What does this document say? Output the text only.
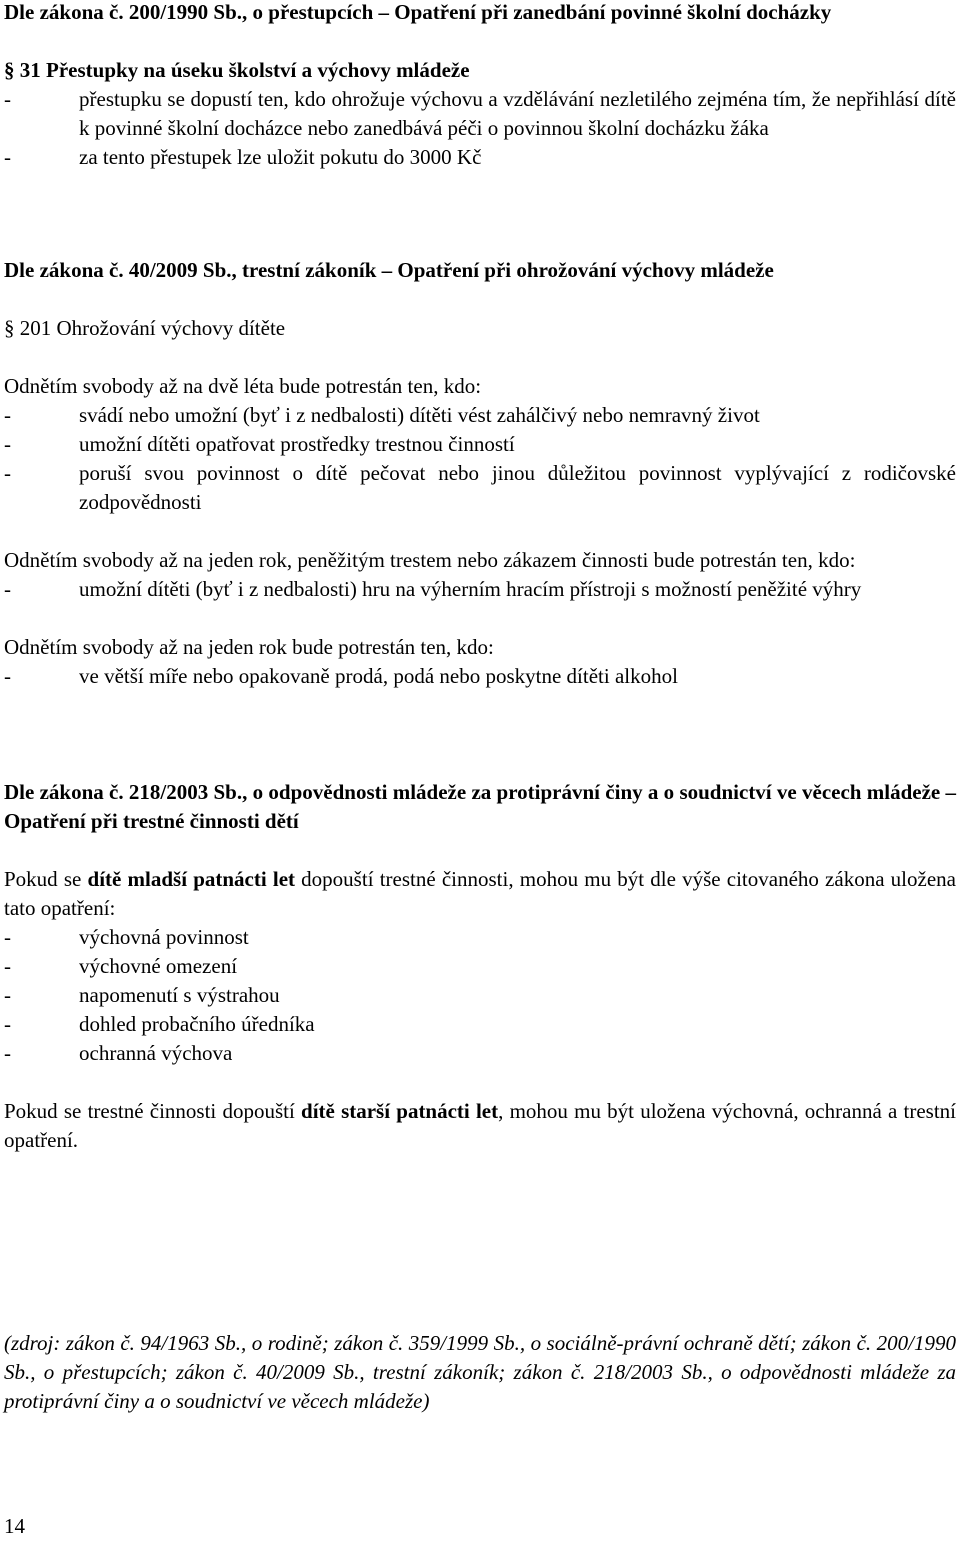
Dle zákona č. 200/1990 Sb., o přestupcích – Opatření při zanedbání povinné školní docházky

§ 31 Přestupky na úseku školství a výchovy mládeže

-	přestupku se dopustí ten, kdo ohrožuje výchovu a vzdělávání nezletilého zejména tím, že nepřihlásí dítě k povinné školní docházce nebo zanedbává péči o povinnou školní docházku žáka
-	za tento přestupek lze uložit pokutu do 3000 Kč

Dle zákona č. 40/2009 Sb., trestní zákoník – Opatření při ohrožování výchovy mládeže

§ 201 Ohrožování výchovy dítěte

Odnětím svobody až na dvě léta bude potrestán ten, kdo:

-	svádí nebo umožní (byť i z nedbalosti) dítěti vést zahálčivý nebo nemravný život
-	umožní dítěti opatřovat prostředky trestnou činností
-	poruší svou povinnost o dítě pečovat nebo jinou důležitou povinnost vyplývající z rodičovské zodpovědnosti

Odnětím svobody až na jeden rok, peněžitým trestem nebo zákazem činnosti bude potrestán ten, kdo:

-	umožní dítěti (byť i z nedbalosti) hru na výherním hracím přístroji s možností peněžité výhry

Odnětím svobody až na jeden rok bude potrestán ten, kdo:

-	ve větší míře nebo opakovaně prodá, podá nebo poskytne dítěti alkohol

Dle zákona č. 218/2003 Sb., o odpovědnosti mládeže za protiprávní činy a o soudnictví ve věcech mládeže – Opatření při trestné činnosti dětí

Pokud se dítě mladší patnácti let dopouští trestné činnosti, mohou mu být dle výše citovaného zákona uložena tato opatření:

-	výchovná povinnost
-	výchovné omezení
-	napomenutí s výstrahou
-	dohled probačního úředníka
-	ochranná výchova

Pokud se trestné činnosti dopouští dítě starší patnácti let, mohou mu být uložena výchovná, ochranná a trestní opatření.

(zdroj: zákon č. 94/1963 Sb., o rodině; zákon č. 359/1999 Sb., o sociálně-právní ochraně dětí; zákon č. 200/1990 Sb., o přestupcích; zákon č. 40/2009 Sb., trestní zákoník; zákon č. 218/2003 Sb., o odpovědnosti mládeže za protiprávní činy a o soudnictví ve věcech mládeže)

14
